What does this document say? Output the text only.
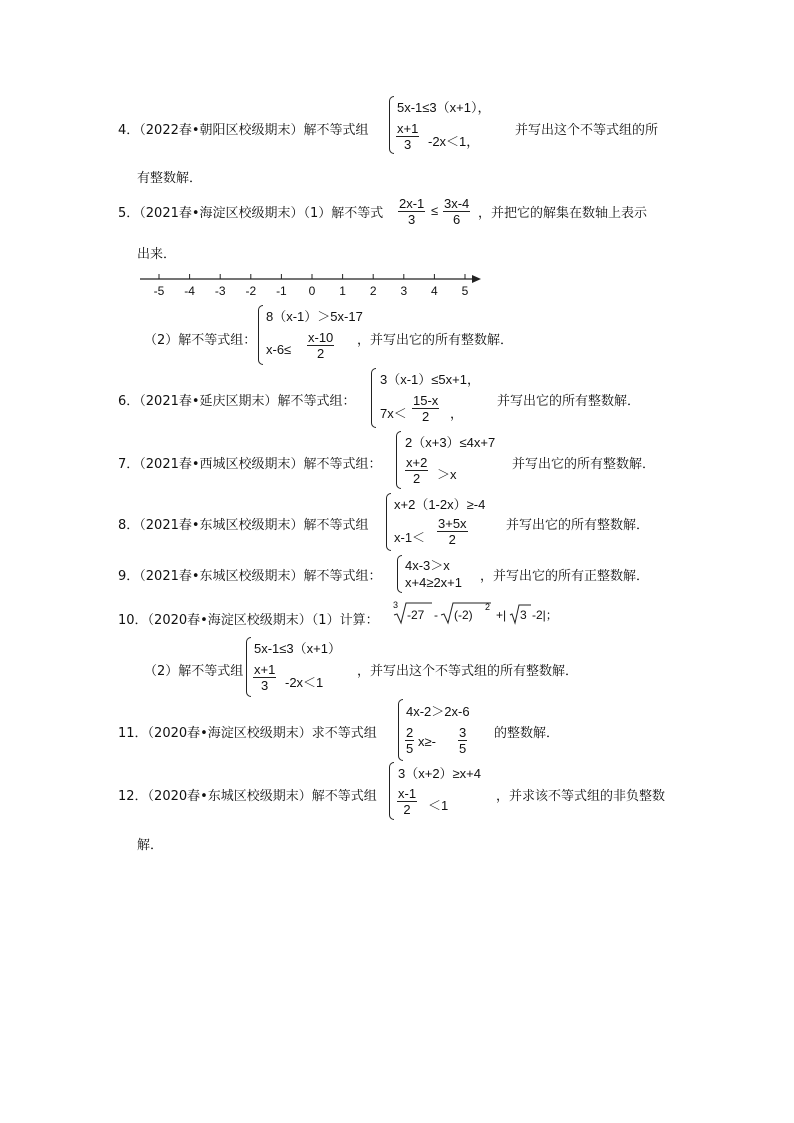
4．（2022春•朝阳区校级期末）解不等式组
5x-1≤3（x+1），
$\frac{x+1}{3} -2x<1$，
并写出这个不等式组的所
有整数解．
5．（2021春•海淀区校级期末）（1）解不等式 $\frac{2x-1}{3} \le \frac{3x-4}{6}$ ，并把它的解集在数轴上表示
出来．
-5 -4 -3 -2 -1 0 1 2 3 4 5
（2）解不等式组：
8（x-1）＞5x-17
$x-6\le \frac{x-10}{2}$ ，并写出它的所有整数解．
6．（2021春•延庆区期末）解不等式组：
3（x-1）≤5x+1，
$7x< \frac{15-x}{2}$ ，
并写出它的所有整数解．
7．（2021春•西城区校级期末）解不等式组：
2（x+3）≤4x+7
$\frac{x+2}{2} >x$
并写出它的所有整数解．
8．（2021春•东城区校级期末）解不等式组
x+2（1-2x）≥-4
$x-1< \frac{3+5x}{2}$	并写出它的所有整数解．
9．（2021春•东城区校级期末）解不等式组：
4x-3＞x
x+4≥2x+1 ，并写出它的所有正整数解．
10．（2020春•海淀区校级期末）（1）计算：
3
-27 - (-2)
2
+| 3 -2|；
（2）解不等式组
5x-1≤3（x+1）
$\frac{x+1}{3} -2x<1$
，并写出这个不等式组的所有整数解．
11．（2020春•海淀区校级期末）求不等式组
4x-2＞2x-6
$\frac{2}{5} x\ge- \frac{3}{5}$ 的整数解．
12．（2020春•东城区校级期末）解不等式组
3（x+2）≥x+4
$\frac{x-1}{2} <1$
，并求该不等式组的非负整数
解．
